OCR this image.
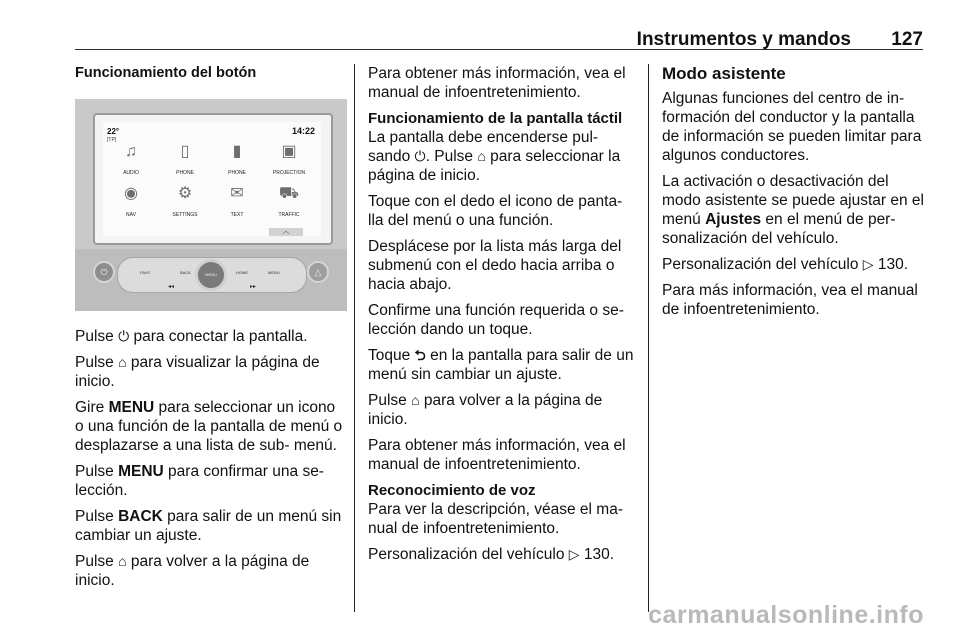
Instrumentos y mandos 127
Funcionamiento del botón
22°
[TP]
14:22
♫
AUDIO
▯
PHONE
▮
PHONE
▣
PROJECTION
◉
NAV
⚙
SETTINGS
✉
TEXT
⛟
TRAFFIC
︿
⏻	FAVS	BACK	HOME	MENU
◂◂	▸▸
MENU	△

Pulse ⏻ para conectar la pantalla.

Pulse ⌂ para visualizar la página de inicio.

Gire MENU para seleccionar un icono o una función de la pantalla de menú o desplazarse a una lista de sub- menú.

Pulse MENU para confirmar una se- lección.

Pulse BACK para salir de un menú sin cambiar un ajuste.

Pulse ⌂ para volver a la página de inicio.

Para obtener más información, vea el manual de infoentretenimiento.

Funcionamiento de la pantalla táctil

La pantalla debe encenderse pul- sando ⏻. Pulse ⌂ para seleccionar la página de inicio.

Toque con el dedo el icono de panta- lla del menú o una función.

Desplácese por la lista más larga del submenú con el dedo hacia arriba o hacia abajo.

Confirme una función requerida o se- lección dando un toque.

Toque ⮌ en la pantalla para salir de un menú sin cambiar un ajuste.

Pulse ⌂ para volver a la página de inicio.

Para obtener más información, vea el manual de infoentretenimiento.

Reconocimiento de voz

Para ver la descripción, véase el ma- nual de infoentretenimiento.

Personalización del vehículo ▷ 130.

Modo asistente

Algunas funciones del centro de in- formación del conductor y la pantalla de información se pueden limitar para algunos conductores.

La activación o desactivación del modo asistente se puede ajustar en el menú Ajustes en el menú de per- sonalización del vehículo.

Personalización del vehículo ▷ 130.

Para más información, vea el manual de infoentretenimiento.

carmanualsonline.info
